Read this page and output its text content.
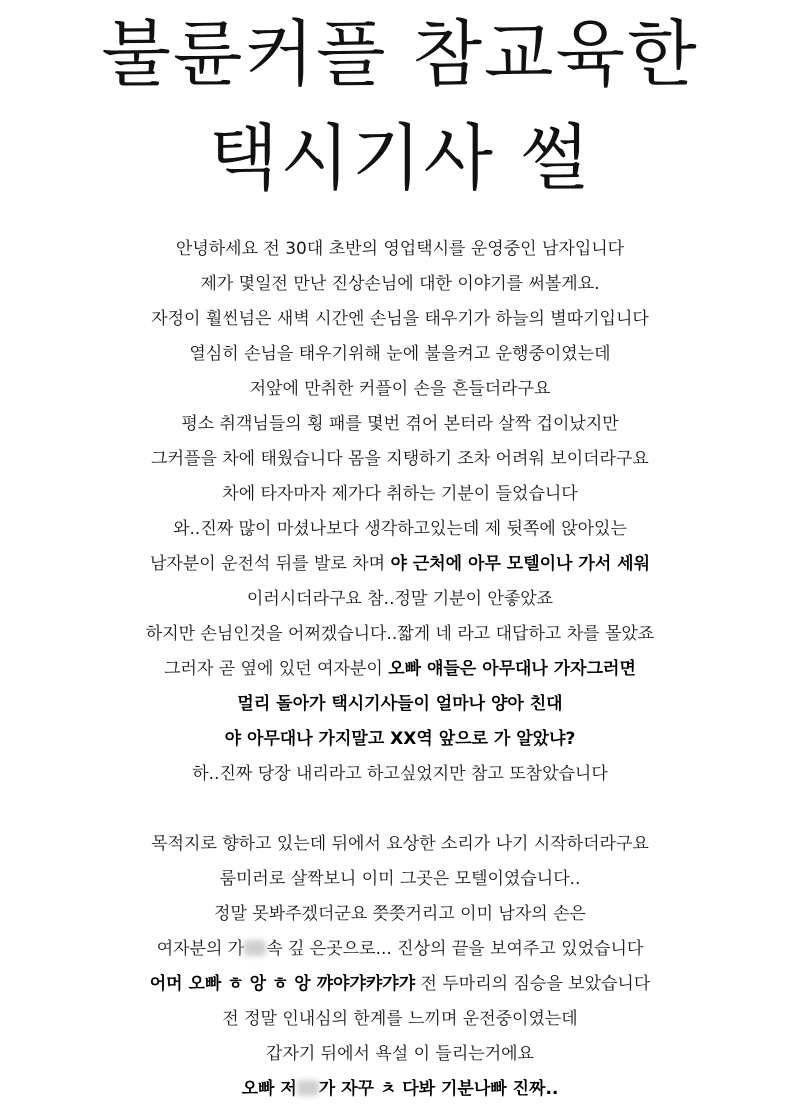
불륜커플 참교육한
택시기사 썰
안녕하세요 전 30대 초반의 영업택시를 운영중인 남자입니다
제가 몇일전 만난 진상손님에 대한 이야기를 써볼게요.
자정이 훨씬넘은 새벽 시간엔 손님을 태우기가 하늘의 별따기입니다
열심히 손님을 태우기위해 눈에 불을켜고 운행중이였는데
저앞에 만취한 커플이 손을 흔들더라구요
평소 취객님들의 횡 패를 몇번 겪어 본터라 살짝 겁이났지만
그커플을 차에 태웠습니다 몸을 지탱하기 조차 어려워 보이더라구요
차에 타자마자 제가다 취하는 기분이 들었습니다
와..진짜 많이 마셨나보다 생각하고있는데 제 뒷쪽에 앉아있는
남자분이 운전석 뒤를 발로 차며 야 근처에 아무 모텔이나 가서 세워
이러시더라구요 참..정말 기분이 안좋았죠
하지만 손님인것을 어쩌겠습니다..짧게 네 라고 대답하고 차를 몰았죠
그러자 곧 옆에 있던 여자분이 오빠 얘들은 아무대나 가자그러면
멀리 돌아가 택시기사들이 얼마나 양아 친대
야 아무대나 가지말고 XX역 앞으로 가 알았냐?
하..진짜 당장 내리라고 하고싶었지만 참고 또참았습니다
목적지로 향하고 있는데 뒤에서 요상한 소리가 나기 시작하더라구요
룸미러로 살짝보니 이미 그곳은 모텔이였습니다..
정말 못봐주겠더군요 쯧쯧거리고 이미 남자의 손은
여자분의 가 속 깊 은곳으로... 진상의 끝을 보여주고 있었습니다
어머 오빠 ㅎ 앙 ㅎ 앙 꺄야갸캬갸갸 전 두마리의 짐승을 보았습니다
전 정말 인내심의 한계를 느끼며 운전중이였는데
갑자기 뒤에서 욕설 이 들리는거에요
오빠 저 가 자꾸 ㅊ 다봐 기분나빠 진짜..
